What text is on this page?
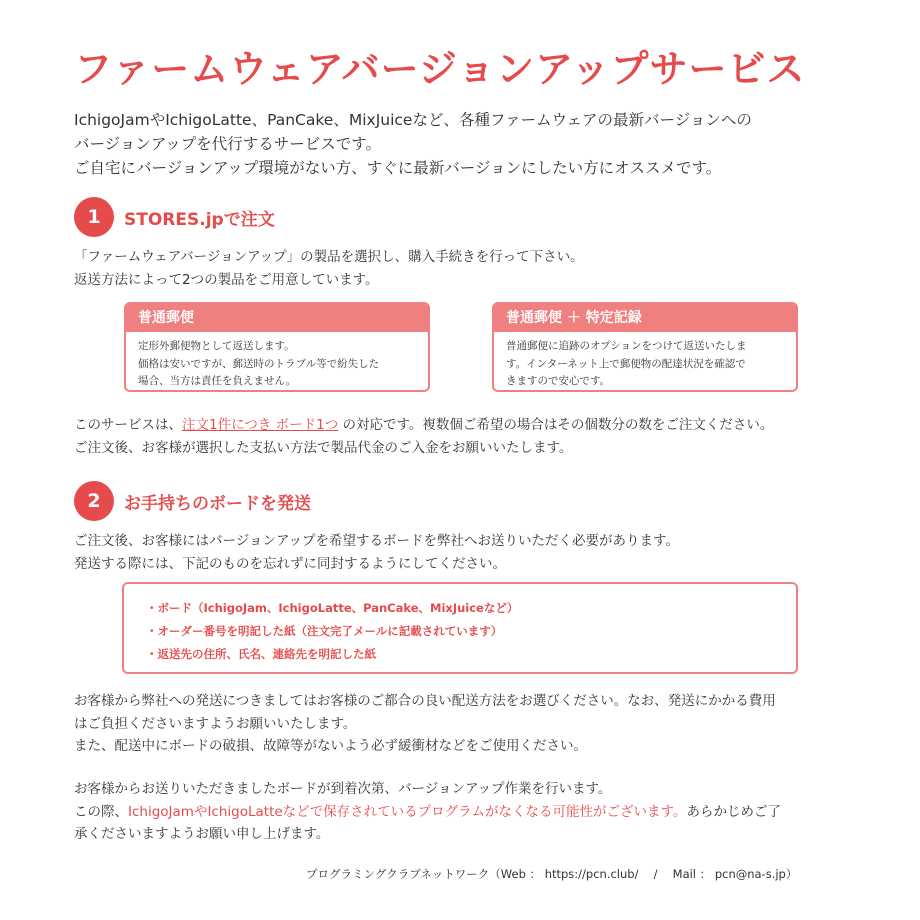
ファームウェアバージョンアップサービス
IchigoJamやIchigoLatte、PanCake、MixJuiceなど、各種ファームウェアの最新バージョンへの
バージョンアップを代行するサービスです。
ご自宅にバージョンアップ環境がない方、すぐに最新バージョンにしたい方にオススメです。
1	STORES.jpで注文
「ファームウェアバージョンアップ」の製品を選択し、購入手続きを行って下さい。
返送方法によって2つの製品をご用意しています。
普通郵便
定形外郵便物として返送します。
価格は安いですが、郵送時のトラブル等で紛失した
場合、当方は責任を負えません。
普通郵便 ＋ 特定記録
普通郵便に追跡のオプションをつけて返送いたしま
す。インターネット上で郵便物の配達状況を確認で
きますので安心です。
このサービスは、注文1件につき ボード1つ の対応です。複数個ご希望の場合はその個数分の数をご注文ください。
ご注文後、お客様が選択した支払い方法で製品代金のご入金をお願いいたします。
2	お手持ちのボードを発送
ご注文後、お客様にはバージョンアップを希望するボードを弊社へお送りいただく必要があります。
発送する際には、下記のものを忘れずに同封するようにしてください。
・ボード（IchigoJam、IchigoLatte、PanCake、MixJuiceなど）
・オーダー番号を明記した紙（注文完了メールに記載されています）
・返送先の住所、氏名、連絡先を明記した紙
お客様から弊社への発送につきましてはお客様のご都合の良い配送方法をお選びください。なお、発送にかかる費用
はご負担くださいますようお願いいたします。
また、配送中にボードの破損、故障等がないよう必ず緩衝材などをご使用ください。
お客様からお送りいただきましたボードが到着次第、バージョンアップ作業を行います。
この際、IchigoJamやIchigoLatteなどで保存されているプログラムがなくなる可能性がございます。あらかじめご了
承くださいますようお願い申し上げます。
プログラミングクラブネットワーク（Web ： https://pcn.club/　 /　 Mail ： pcn@na-s.jp）
